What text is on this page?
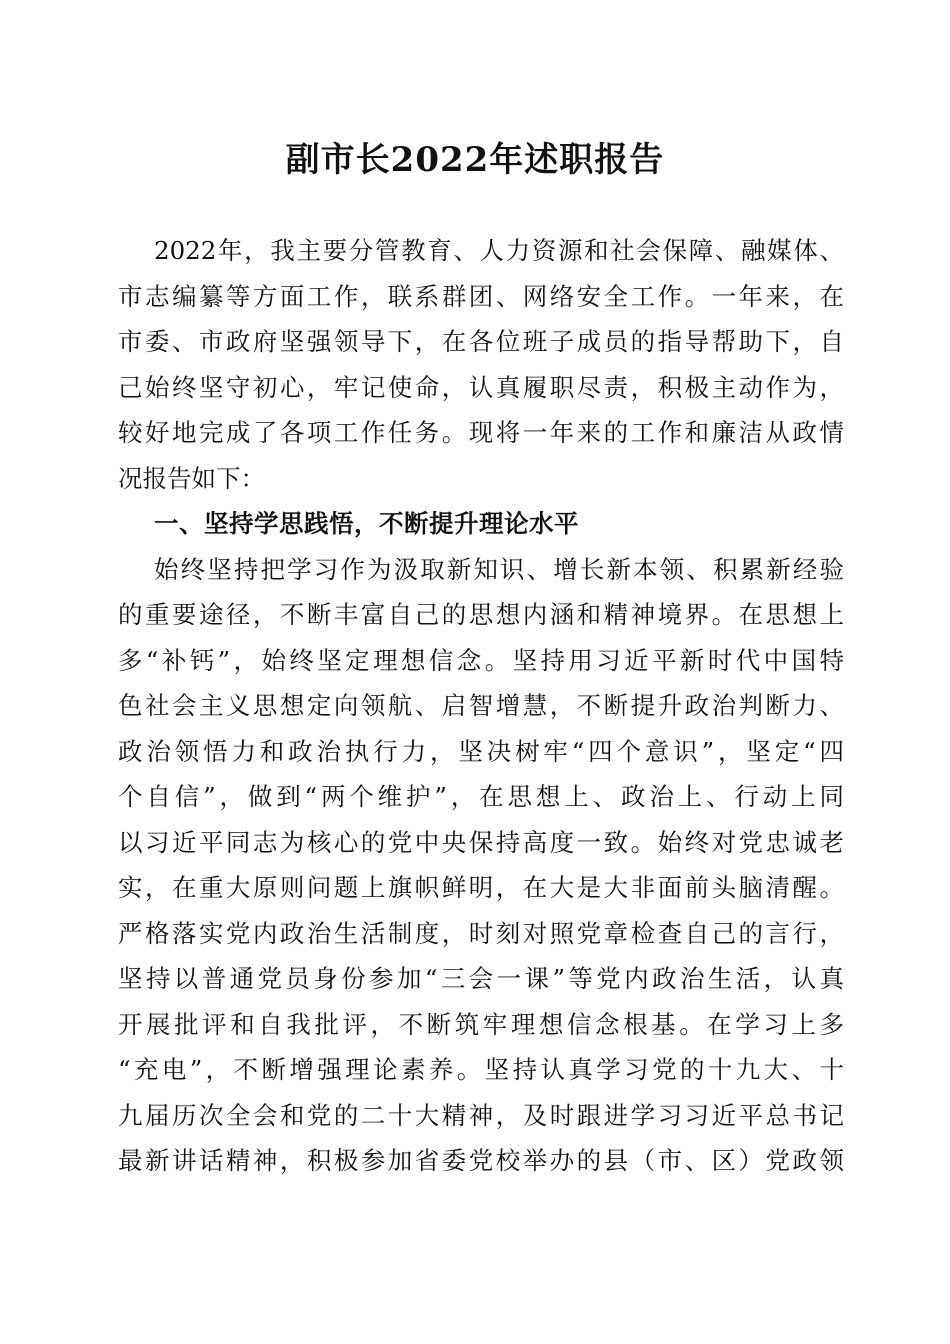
副市长2022年述职报告
2022年，我主要分管教育、人力资源和社会保障、融媒体、
市志编纂等方面工作，联系群团、网络安全工作。一年来，在
市委、市政府坚强领导下，在各位班子成员的指导帮助下，自
己始终坚守初心，牢记使命，认真履职尽责，积极主动作为，
较好地完成了各项工作任务。现将一年来的工作和廉洁从政情
况报告如下：
一、坚持学思践悟，不断提升理论水平
始终坚持把学习作为汲取新知识、增长新本领、积累新经验
的重要途径，不断丰富自己的思想内涵和精神境界。在思想上
多“补钙”，始终坚定理想信念。坚持用习近平新时代中国特
色社会主义思想定向领航、启智增慧，不断提升政治判断力、
政治领悟力和政治执行力，坚决树牢“四个意识”，坚定“四
个自信”，做到“两个维护”，在思想上、政治上、行动上同
以习近平同志为核心的党中央保持高度一致。始终对党忠诚老
实，在重大原则问题上旗帜鲜明，在大是大非面前头脑清醒。
严格落实党内政治生活制度，时刻对照党章检查自己的言行，
坚持以普通党员身份参加“三会一课”等党内政治生活，认真
开展批评和自我批评，不断筑牢理想信念根基。在学习上多
“充电”，不断增强理论素养。坚持认真学习党的十九大、十
九届历次全会和党的二十大精神，及时跟进学习习近平总书记
最新讲话精神，积极参加省委党校举办的县（市、区）党政领
